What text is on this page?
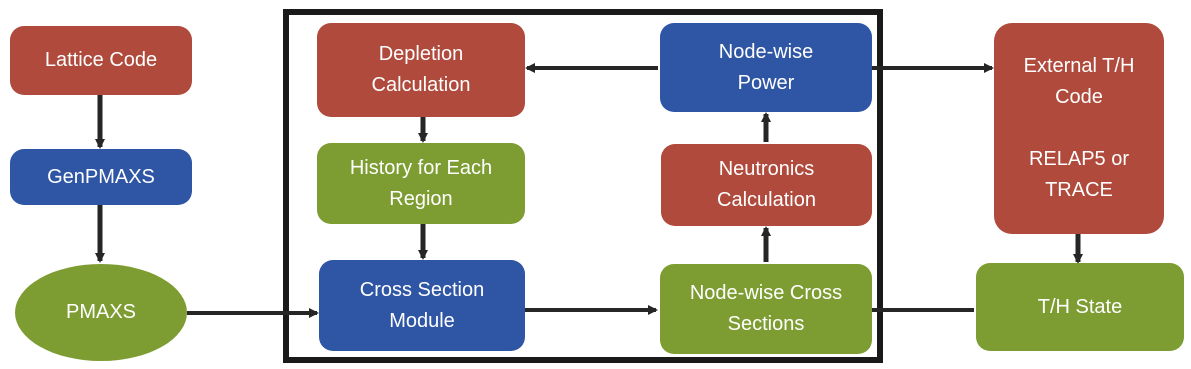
Lattice Code
GenPMAXS
PMAXS
Depletion
Calculation
History for Each
Region
Cross Section
Module
Node-wise
Power
Neutronics
Calculation
Node-wise Cross
Sections
External T/H
Code

RELAP5 or
TRACE
T/H State
